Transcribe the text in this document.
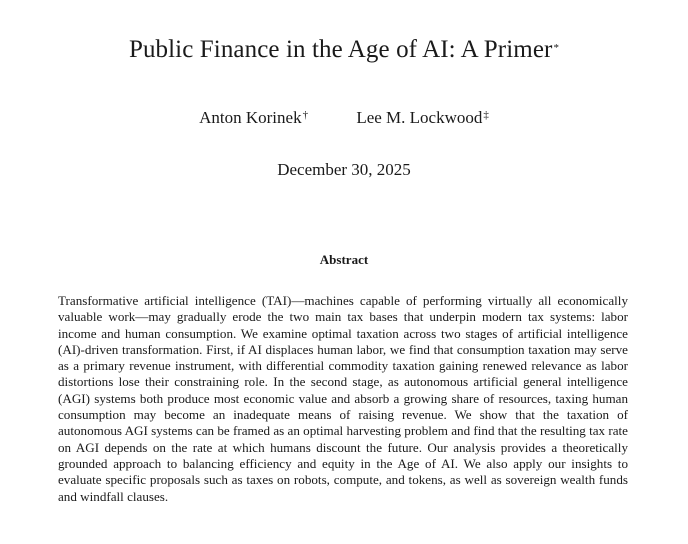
Public Finance in the Age of AI: A Primer*
Anton Korinek†	Lee M. Lockwood‡
December 30, 2025
Abstract
Transformative artificial intelligence (TAI)—machines capable of performing virtually all economically valuable work—may gradually erode the two main tax bases that underpin modern tax systems: labor income and human consumption. We examine optimal taxation across two stages of artificial intelligence (AI)-driven transformation. First, if AI displaces human labor, we find that consumption taxation may serve as a primary revenue instrument, with differential commodity taxation gaining renewed relevance as labor distortions lose their constraining role. In the second stage, as autonomous artificial general intelligence (AGI) systems both produce most economic value and absorb a growing share of resources, taxing human consumption may become an inadequate means of raising revenue. We show that the taxation of autonomous AGI systems can be framed as an optimal harvesting problem and find that the resulting tax rate on AGI depends on the rate at which humans discount the future. Our analysis provides a theoretically grounded approach to balancing efficiency and equity in the Age of AI. We also apply our insights to evaluate specific proposals such as taxes on robots, compute, and tokens, as well as sovereign wealth funds and windfall clauses.
